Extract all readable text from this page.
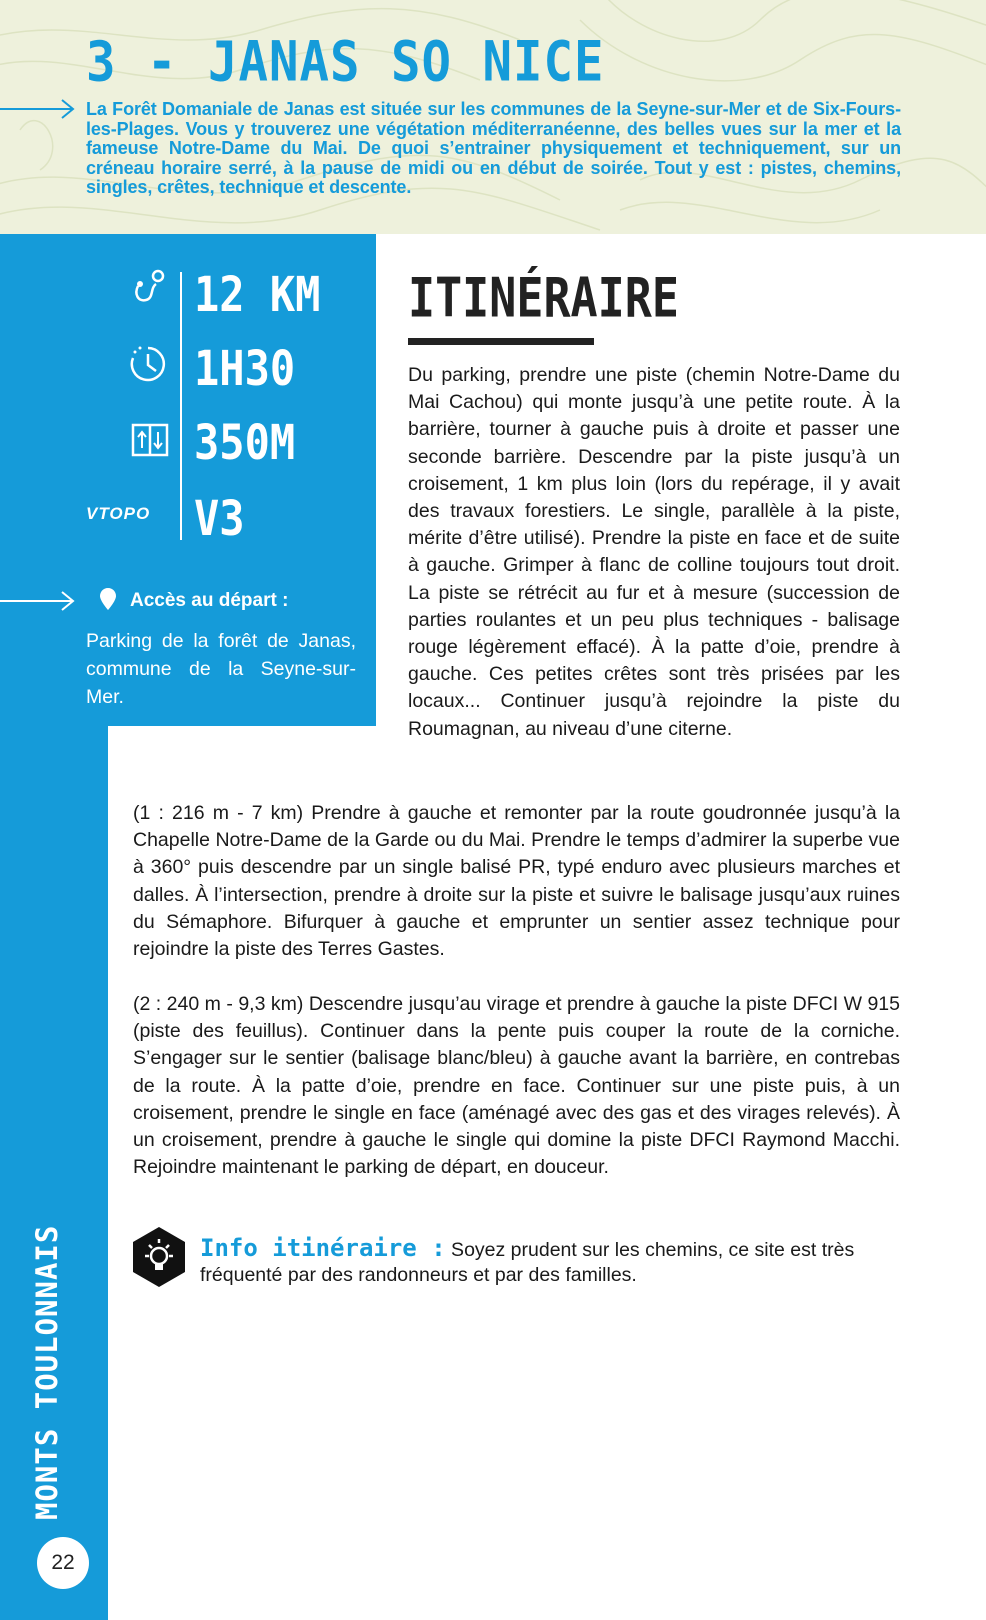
3 - JANAS SO NICE

La Forêt Domaniale de Janas est située sur les communes de la Seyne-sur-Mer et de Six-Fours-les-Plages. Vous y trouverez une végétation méditerranéenne, des belles vues sur la mer et la fameuse Notre-Dame du Mai. De quoi s’entrainer physiquement et techniquement, sur un créneau horaire serré, à la pause de midi ou en début de soirée. Tout y est : pistes, chemins, singles, crêtes, technique et descente.

12 KM
1H30
350M
VTOPO V3
Accès au départ :
Parking de la forêt de Janas, commune de la Seyne-sur-Mer.
ITINÉRAIRE

Du parking, prendre une piste (chemin Notre-Dame du Mai Cachou) qui monte jusqu’à une petite route. À la barrière, tourner à gauche puis à droite et passer une seconde barrière. Descendre par la piste jusqu’à un croisement, 1 km plus loin (lors du repérage, il y avait des travaux forestiers. Le single, parallèle à la piste, mérite d’être utilisé). Prendre la piste en face et de suite à gauche. Grimper à flanc de colline toujours tout droit. La piste se rétrécit au fur et à mesure (succession de parties roulantes et un peu plus techniques - balisage rouge légèrement effacé). À la patte d’oie, prendre à gauche. Ces petites crêtes sont très prisées par les locaux... Continuer jusqu’à rejoindre la piste du Roumagnan, au niveau d’une citerne.

(1 : 216 m - 7 km) Prendre à gauche et remonter par la route goudronnée jusqu’à la Chapelle Notre-Dame de la Garde ou du Mai. Prendre le temps d’admirer la superbe vue à 360° puis descendre par un single balisé PR, typé enduro avec plusieurs marches et dalles. À l’intersection, prendre à droite sur la piste et suivre le balisage jusqu’aux ruines du Sémaphore. Bifurquer à gauche et emprunter un sentier assez technique pour rejoindre la piste des Terres Gastes.

(2 : 240 m - 9,3 km) Descendre jusqu’au virage et prendre à gauche la piste DFCI W 915 (piste des feuillus). Continuer dans la pente puis couper la route de la corniche. S’engager sur le sentier (balisage blanc/bleu) à gauche avant la barrière, en contrebas de la route. À la patte d’oie, prendre en face. Continuer sur une piste puis, à un croisement, prendre le single en face (aménagé avec des gas et des virages relevés). À un croisement, prendre à gauche le single qui domine la piste DFCI Raymond Macchi. Rejoindre maintenant le parking de départ, en douceur.

Info itinéraire : Soyez prudent sur les chemins, ce site est très fréquenté par des randonneurs et par des familles.
MONTS TOULONNAIS
22
